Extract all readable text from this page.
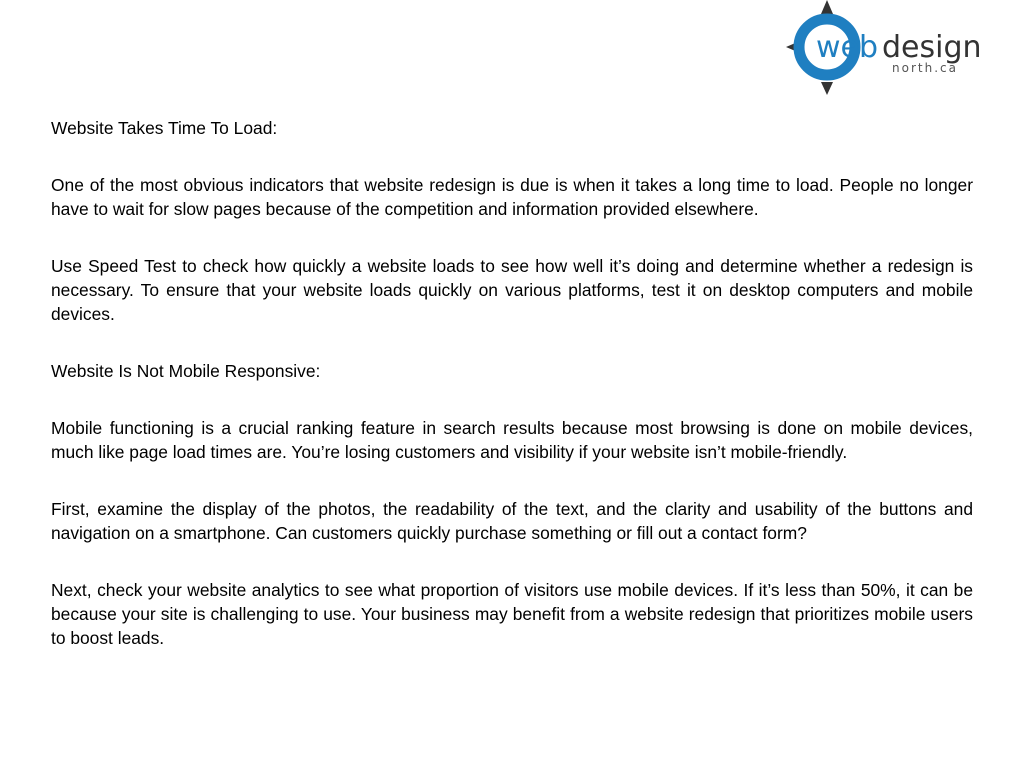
web design
north.ca

Website Takes Time To Load:

One of the most obvious indicators that website redesign is due is when it takes a long time to load. People no longer have to wait for slow pages because of the competition and information provided elsewhere.

Use Speed Test to check how quickly a website loads to see how well it’s doing and determine whether a redesign is necessary. To ensure that your website loads quickly on various platforms, test it on desktop computers and mobile devices.

Website Is Not Mobile Responsive:

Mobile functioning is a crucial ranking feature in search results because most browsing is done on mobile devices, much like page load times are. You’re losing customers and visibility if your website isn’t mobile-friendly.

First, examine the display of the photos, the readability of the text, and the clarity and usability of the buttons and navigation on a smartphone. Can customers quickly purchase something or fill out a contact form?

Next, check your website analytics to see what proportion of visitors use mobile devices. If it’s less than 50%, it can be because your site is challenging to use. Your business may benefit from a website redesign that prioritizes mobile users to boost leads.
